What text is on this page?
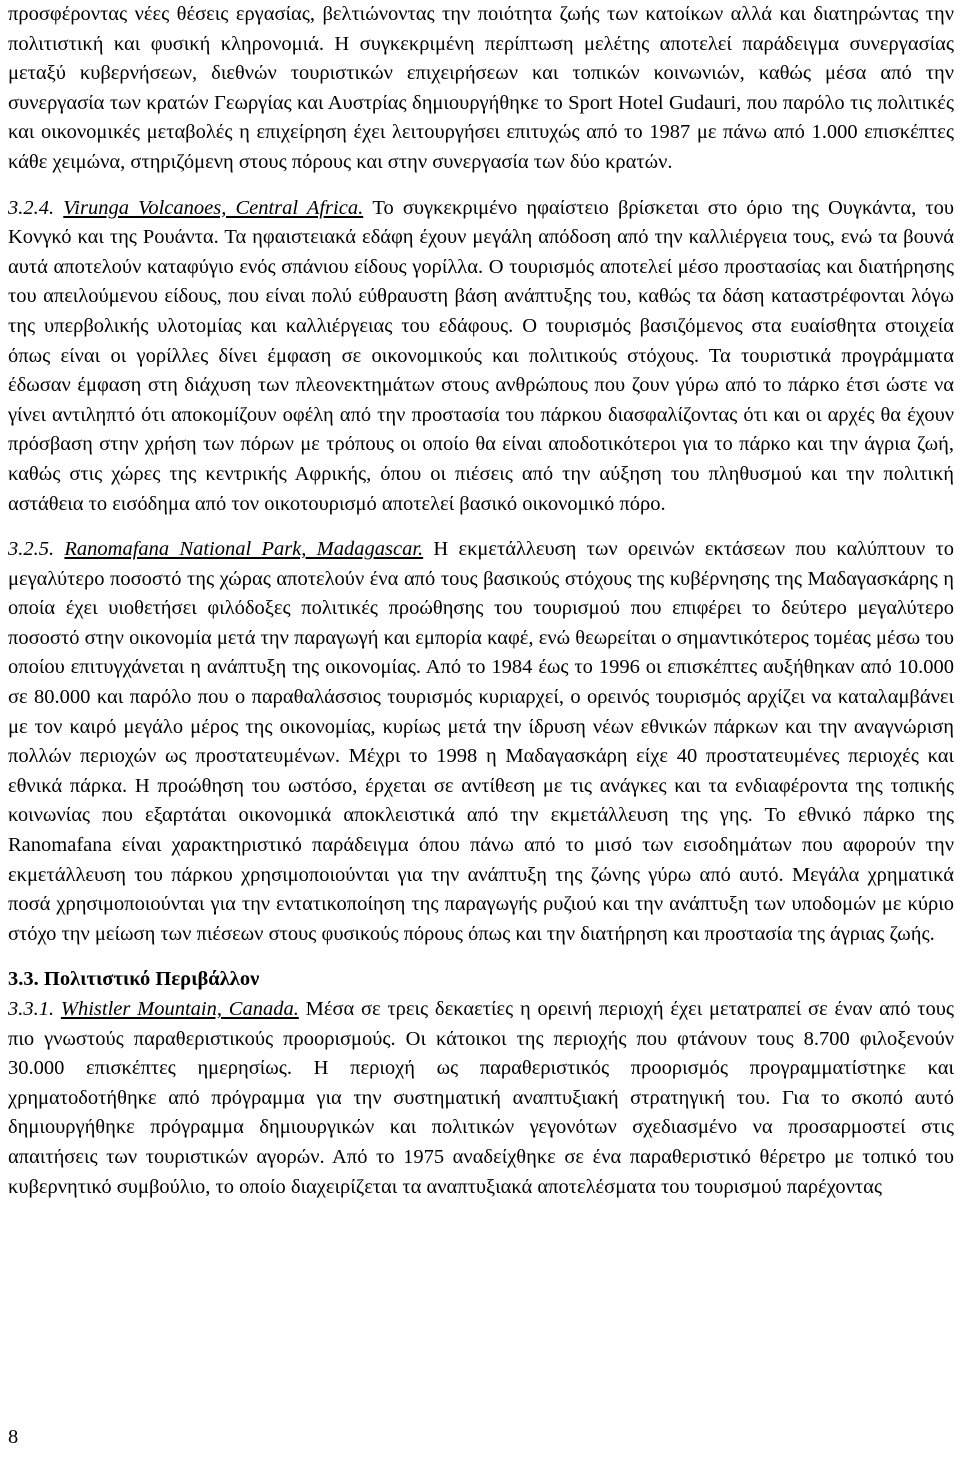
προσφέροντας νέες θέσεις εργασίας, βελτιώνοντας την ποιότητα ζωής των κατοίκων αλλά και διατηρώντας την πολιτιστική και φυσική κληρονομιά. Η συγκεκριμένη περίπτωση μελέτης αποτελεί παράδειγμα συνεργασίας μεταξύ κυβερνήσεων, διεθνών τουριστικών επιχειρήσεων και τοπικών κοινωνιών, καθώς μέσα από την συνεργασία των κρατών Γεωργίας και Αυστρίας δημιουργήθηκε το Sport Hotel Gudauri, που παρόλο τις πολιτικές και οικονομικές μεταβολές η επιχείρηση έχει λειτουργήσει επιτυχώς από το 1987 με πάνω από 1.000 επισκέπτες κάθε χειμώνα, στηριζόμενη στους πόρους και στην συνεργασία των δύο κρατών.

3.2.4. Virunga Volcanoes, Central Africa. Το συγκεκριμένο ηφαίστειο βρίσκεται στο όριο της Ουγκάντα, του Κονγκό και της Ρουάντα. Τα ηφαιστειακά εδάφη έχουν μεγάλη απόδοση από την καλλιέργεια τους, ενώ τα βουνά αυτά αποτελούν καταφύγιο ενός σπάνιου είδους γορίλλα. Ο τουρισμός αποτελεί μέσο προστασίας και διατήρησης του απειλούμενου είδους, που είναι πολύ εύθραυστη βάση ανάπτυξης του, καθώς τα δάση καταστρέφονται λόγω της υπερβολικής υλοτομίας και καλλιέργειας του εδάφους. Ο τουρισμός βασιζόμενος στα ευαίσθητα στοιχεία όπως είναι οι γορίλλες δίνει έμφαση σε οικονομικούς και πολιτικούς στόχους. Τα τουριστικά προγράμματα έδωσαν έμφαση στη διάχυση των πλεονεκτημάτων στους ανθρώπους που ζουν γύρω από το πάρκο έτσι ώστε να γίνει αντιληπτό ότι αποκομίζουν οφέλη από την προστασία του πάρκου διασφαλίζοντας ότι και οι αρχές θα έχουν πρόσβαση στην χρήση των πόρων με τρόπους οι οποίο θα είναι αποδοτικότεροι για το πάρκο και την άγρια ζωή, καθώς στις χώρες της κεντρικής Αφρικής, όπου οι πιέσεις από την αύξηση του πληθυσμού και την πολιτική αστάθεια το εισόδημα από τον οικοτουρισμό αποτελεί βασικό οικονομικό πόρο.

3.2.5. Ranomafana National Park, Madagascar. Η εκμετάλλευση των ορεινών εκτάσεων που καλύπτουν το μεγαλύτερο ποσοστό της χώρας αποτελούν ένα από τους βασικούς στόχους της κυβέρνησης της Μαδαγασκάρης η οποία έχει υιοθετήσει φιλόδοξες πολιτικές προώθησης του τουρισμού που επιφέρει το δεύτερο μεγαλύτερο ποσοστό στην οικονομία μετά την παραγωγή και εμπορία καφέ, ενώ θεωρείται ο σημαντικότερος τομέας μέσω του οποίου επιτυγχάνεται η ανάπτυξη της οικονομίας. Από το 1984 έως το 1996 οι επισκέπτες αυξήθηκαν από 10.000 σε 80.000 και παρόλο που ο παραθαλάσσιος τουρισμός κυριαρχεί, ο ορεινός τουρισμός αρχίζει να καταλαμβάνει με τον καιρό μεγάλο μέρος της οικονομίας, κυρίως μετά την ίδρυση νέων εθνικών πάρκων και την αναγνώριση πολλών περιοχών ως προστατευμένων. Μέχρι το 1998 η Μαδαγασκάρη είχε 40 προστατευμένες περιοχές και εθνικά πάρκα. Η προώθηση του ωστόσο, έρχεται σε αντίθεση με τις ανάγκες και τα ενδιαφέροντα της τοπικής κοινωνίας που εξαρτάται οικονομικά αποκλειστικά από την εκμετάλλευση της γης. Το εθνικό πάρκο της Ranomafana είναι χαρακτηριστικό παράδειγμα όπου πάνω από το μισό των εισοδημάτων που αφορούν την εκμετάλλευση του πάρκου χρησιμοποιούνται για την ανάπτυξη της ζώνης γύρω από αυτό. Μεγάλα χρηματικά ποσά χρησιμοποιούνται για την εντατικοποίηση της παραγωγής ρυζιού και την ανάπτυξη των υποδομών με κύριο στόχο την μείωση των πιέσεων στους φυσικούς πόρους όπως και την διατήρηση και προστασία της άγριας ζωής.

3.3. Πολιτιστικό Περιβάλλον

3.3.1. Whistler Mountain, Canada. Μέσα σε τρεις δεκαετίες η ορεινή περιοχή έχει μετατραπεί σε έναν από τους πιο γνωστούς παραθεριστικούς προορισμούς. Οι κάτοικοι της περιοχής που φτάνουν τους 8.700 φιλοξενούν 30.000 επισκέπτες ημερησίως. Η περιοχή ως παραθεριστικός προορισμός προγραμματίστηκε και χρηματοδοτήθηκε από πρόγραμμα για την συστηματική αναπτυξιακή στρατηγική του. Για το σκοπό αυτό δημιουργήθηκε πρόγραμμα δημιουργικών και πολιτικών γεγονότων σχεδιασμένο να προσαρμοστεί στις απαιτήσεις των τουριστικών αγορών. Από το 1975 αναδείχθηκε σε ένα παραθεριστικό θέρετρο με τοπικό του κυβερνητικό συμβούλιο, το οποίο διαχειρίζεται τα αναπτυξιακά αποτελέσματα του τουρισμού παρέχοντας

8
